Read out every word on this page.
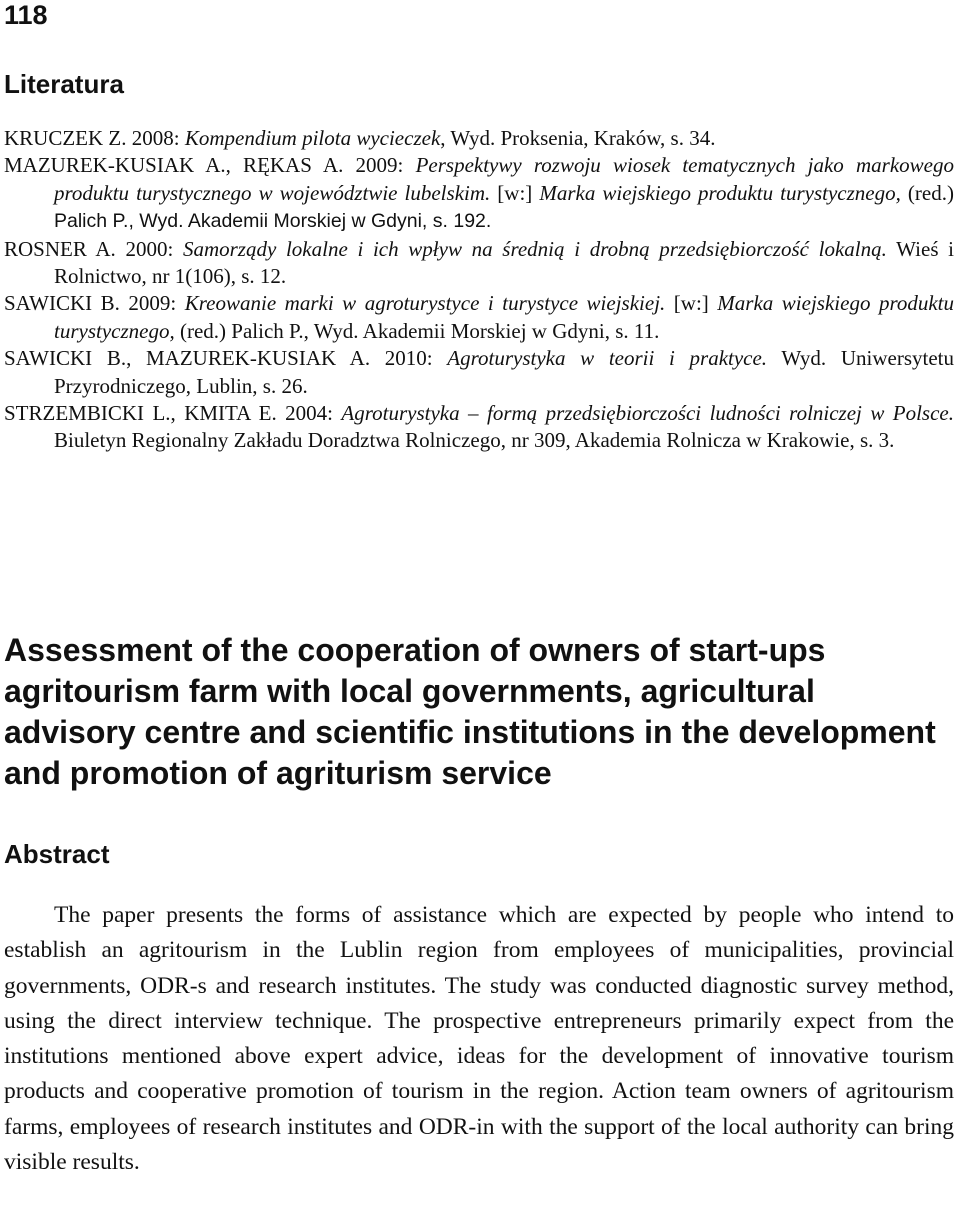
118

Literatura
KRUCZEK Z. 2008: Kompendium pilota wycieczek, Wyd. Proksenia, Kraków, s. 34.
MAZUREK-KUSIAK A., RĘKAS A. 2009: Perspektywy rozwoju wiosek tematycznych jako markowego produktu turystycznego w województwie lubelskim. [w:] Marka wiejskiego produktu turystycznego, (red.) Palich P., Wyd. Akademii Morskiej w Gdyni, s. 192.
ROSNER A. 2000: Samorządy lokalne i ich wpływ na średnią i drobną przedsiębiorczość lokalną. Wieś i Rolnictwo, nr 1(106), s. 12.
SAWICKI B. 2009: Kreowanie marki w agroturystyce i turystyce wiejskiej. [w:] Marka wiejskiego produktu turystycznego, (red.) Palich P., Wyd. Akademii Morskiej w Gdyni, s. 11.
SAWICKI B., MAZUREK-KUSIAK A. 2010: Agroturystyka w teorii i praktyce. Wyd. Uniwersytetu Przyrodniczego, Lublin, s. 26.
STRZEMBICKI L., KMITA E. 2004: Agroturystyka – formą przedsiębiorczości ludności rolniczej w Polsce. Biuletyn Regionalny Zakładu Doradztwa Rolniczego, nr 309, Akademia Rolnicza w Krakowie, s. 3.
Assessment of the cooperation of owners of start-ups agritourism farm with local governments, agricultural advisory centre and scientific institutions in the development and promotion of agriturism service
Abstract

The paper presents the forms of assistance which are expected by people who intend to establish an agritourism in the Lublin region from employees of municipalities, provincial governments, ODR-s and research institutes. The study was conducted diagnostic survey method, using the direct interview technique. The prospective entrepreneurs primarily expect from the institutions mentioned above expert advice, ideas for the development of innovative tourism products and cooperative promotion of tourism in the region. Action team owners of agritourism farms, employees of research institutes and ODR-in with the support of the local authority can bring visible results.
